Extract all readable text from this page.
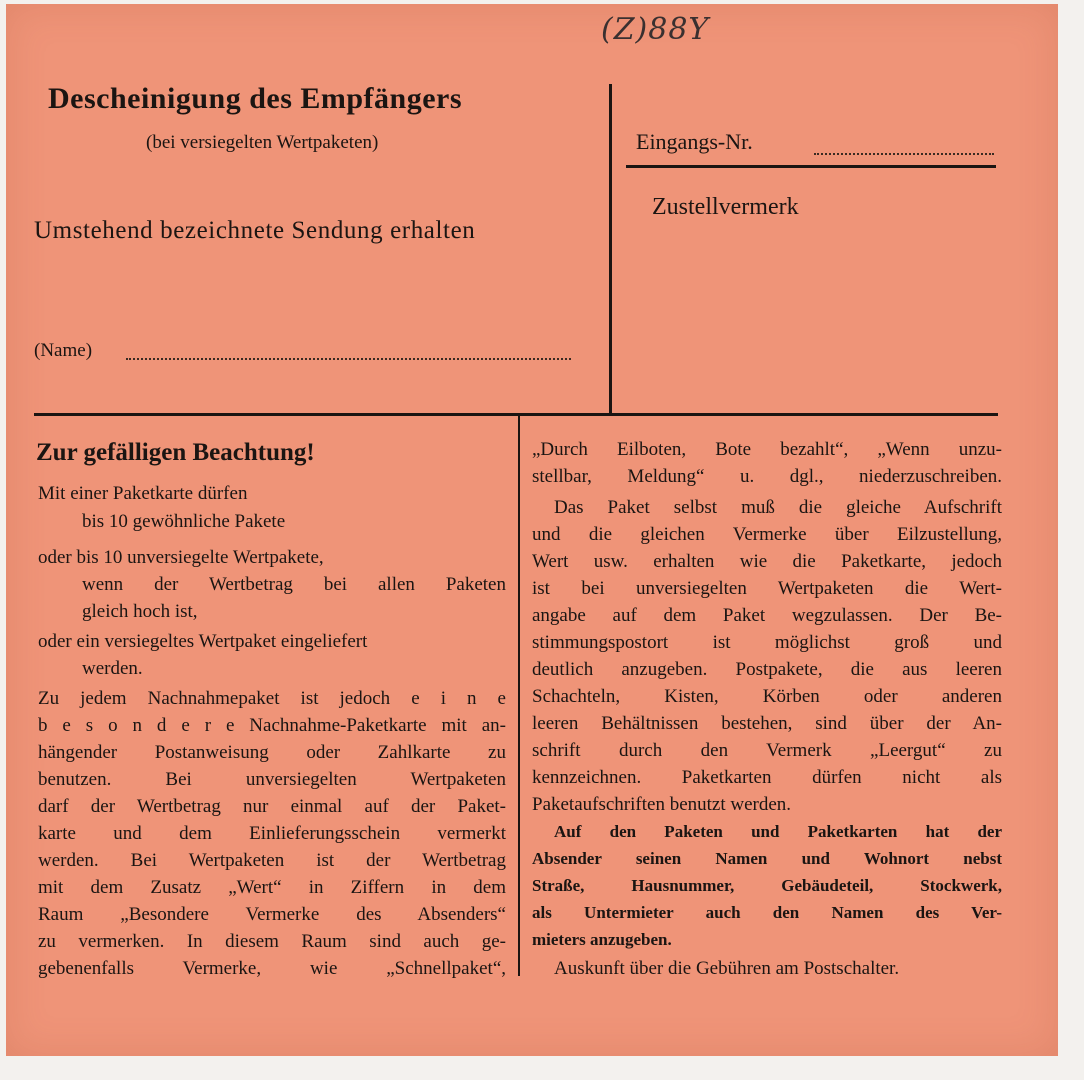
(Z)88Y
Descheinigung des Empfängers
(bei versiegelten Wertpaketen)
Umstehend bezeichnete Sendung erhalten
(Name)
Eingangs-Nr.
Zustellvermerk
Zur gefälligen Beachtung!
Mit einer Paketkarte dürfen
bis 10 gewöhnliche Pakete
oder bis 10 unversiegelte Wertpakete,
wenn der Wertbetrag bei allen Paketen
gleich hoch ist,
oder ein versiegeltes Wertpaket eingeliefert
werden.
Zu jedem Nachnahmepaket ist jedoch e i n e
b e s o n d e r e Nachnahme-Paketkarte mit an-
hängender Postanweisung oder Zahlkarte zu
benutzen. Bei unversiegelten Wertpaketen
darf der Wertbetrag nur einmal auf der Paket-
karte und dem Einlieferungsschein vermerkt
werden. Bei Wertpaketen ist der Wertbetrag
mit dem Zusatz „Wert“ in Ziffern in dem
Raum „Besondere Vermerke des Absenders“
zu vermerken. In diesem Raum sind auch ge-
gebenenfalls Vermerke, wie „Schnellpaket“,
„Durch Eilboten, Bote bezahlt“, „Wenn unzu-
stellbar, Meldung“ u. dgl., niederzuschreiben.
Das Paket selbst muß die gleiche Aufschrift
und die gleichen Vermerke über Eilzustellung,
Wert usw. erhalten wie die Paketkarte, jedoch
ist bei unversiegelten Wertpaketen die Wert-
angabe auf dem Paket wegzulassen. Der Be-
stimmungspostort ist möglichst groß und
deutlich anzugeben. Postpakete, die aus leeren
Schachteln, Kisten, Körben oder anderen
leeren Behältnissen bestehen, sind über der An-
schrift durch den Vermerk „Leergut“ zu
kennzeichnen. Paketkarten dürfen nicht als
Paketaufschriften benutzt werden.
Auf den Paketen und Paketkarten hat der
Absender seinen Namen und Wohnort nebst
Straße, Hausnummer, Gebäudeteil, Stockwerk,
als Untermieter auch den Namen des Ver-
mieters anzugeben.
Auskunft über die Gebühren am Postschalter.
